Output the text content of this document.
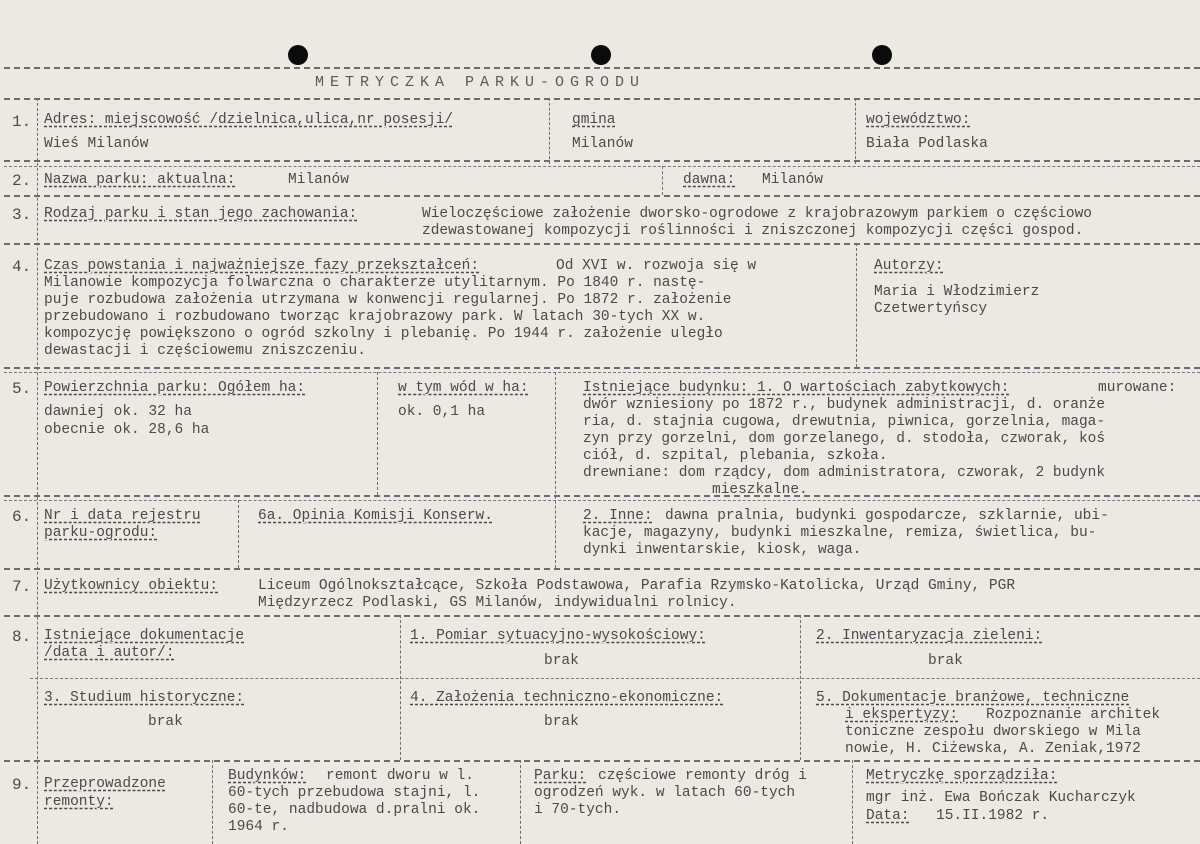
METRYCZKA PARKU-OGRODU
1. Adres: miejscowość /dzielnica,ulica,nr posesji/
Wieś Milanów
gmina
Milanów
województwo:
Biała Podlaska
2. Nazwa parku: aktualna:	Milanów	dawna: Milanów
3. Rodzaj parku i stan jego zachowania:	Wieloczęściowe założenie dworsko-ogrodowe z krajobrazowym parkiem o częściowo
zdewastowanej kompozycji roślinności i zniszczonej kompozycji części gospod.
4. Czas powstania i najważniejsze fazy przekształceń:	Od XVI w. rozwoja się w
Milanowie kompozycja folwarczna o charakterze utylitarnym. Po 1840 r. nastę-
puje rozbudowa założenia utrzymana w konwencji regularnej. Po 1872 r. założenie
przebudowano i rozbudowano tworząc krajobrazowy park. W latach 30-tych XX w.
kompozycję powiększono o ogród szkolny i plebanię. Po 1944 r. założenie uległo
dewastacji i częściowemu zniszczeniu.
Autorzy:
Maria i Włodzimierz
Czetwertyńscy
5. Powierzchnia parku: Ogółem ha:
dawniej ok. 32 ha
obecnie ok. 28,6 ha
w tym wód w ha:
ok. 0,1 ha
Istniejące budynku: 1. O wartościach zabytkowych:	murowane:
dwór wzniesiony po 1872 r., budynek administracji, d. oranże
ria, d. stajnia cugowa, drewutnia, piwnica, gorzelnia, maga-
zyn przy gorzelni, dom gorzelanego, d. stodoła, czworak, koś
ciół, d. szpital, plebania, szkoła.
drewniane: dom rządcy, dom administratora, czworak, 2 budynk
mieszkalne.
6. Nr i data rejestru
parku-ogrodu:
6a. Opinia Komisji Konserw.	2. Inne: dawna pralnia, budynki gospodarcze, szklarnie, ubi-
kacje, magazyny, budynki mieszkalne, remiza, świetlica, bu-
dynki inwentarskie, kiosk, waga.
7. Użytkownicy obiektu:	Liceum Ogólnokształcące, Szkoła Podstawowa, Parafia Rzymsko-Katolicka, Urząd Gminy, PGR
Międzyrzecz Podlaski, GS Milanów, indywidualni rolnicy.
8. Istniejące dokumentacje
/data i autor/:
1. Pomiar sytuacyjno-wysokościowy:
brak
2. Inwentaryzacja zieleni:
brak
3. Studium historyczne:
brak
4. Założenia techniczno-ekonomiczne:
brak
5. Dokumentacje branżowe, techniczne
i ekspertyzy: Rozpoznanie architek
toniczne zespołu dworskiego w Mila
nowie, H. Ciżewska, A. Zeniak,1972
9. Przeprowadzone
remonty:
Budynków: remont dworu w l.
60-tych przebudowa stajni, l.
60-te, nadbudowa d.pralni ok.
1964 r.
Parku: częściowe remonty dróg i
ogrodzeń wyk. w latach 60-tych
i 70-tych.
Metryczkę sporządziła:
mgr inż. Ewa Bończak Kucharczyk
Data: 15.II.1982 r.
